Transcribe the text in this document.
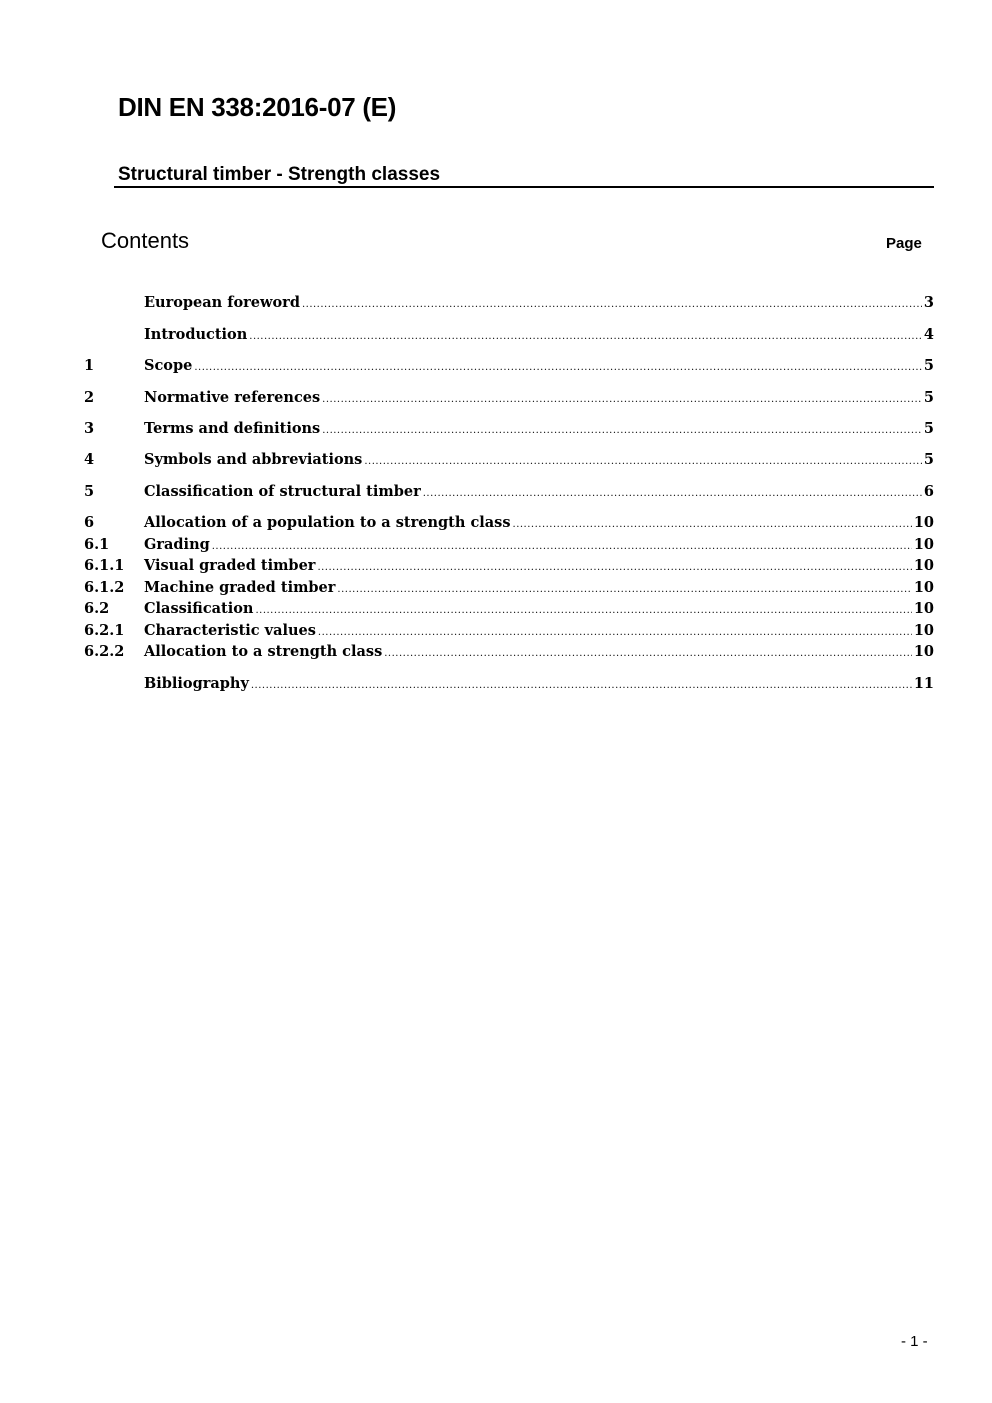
DIN EN 338:2016-07 (E)
Structural timber - Strength classes
Contents	Page
European foreword .....	3
Introduction .....	4
1	Scope .....	5
2	Normative references .....	5
3	Terms and definitions .....	5
4	Symbols and abbreviations .....	5
5	Classification of structural timber .....	6
6	Allocation of a population to a strength class .....	10
6.1	Grading .....	10
6.1.1	Visual graded timber .....	10
6.1.2	Machine graded timber .....	10
6.2	Classification .....	10
6.2.1	Characteristic values .....	10
6.2.2	Allocation to a strength class .....	10
Bibliography .....	11
- 1 -
